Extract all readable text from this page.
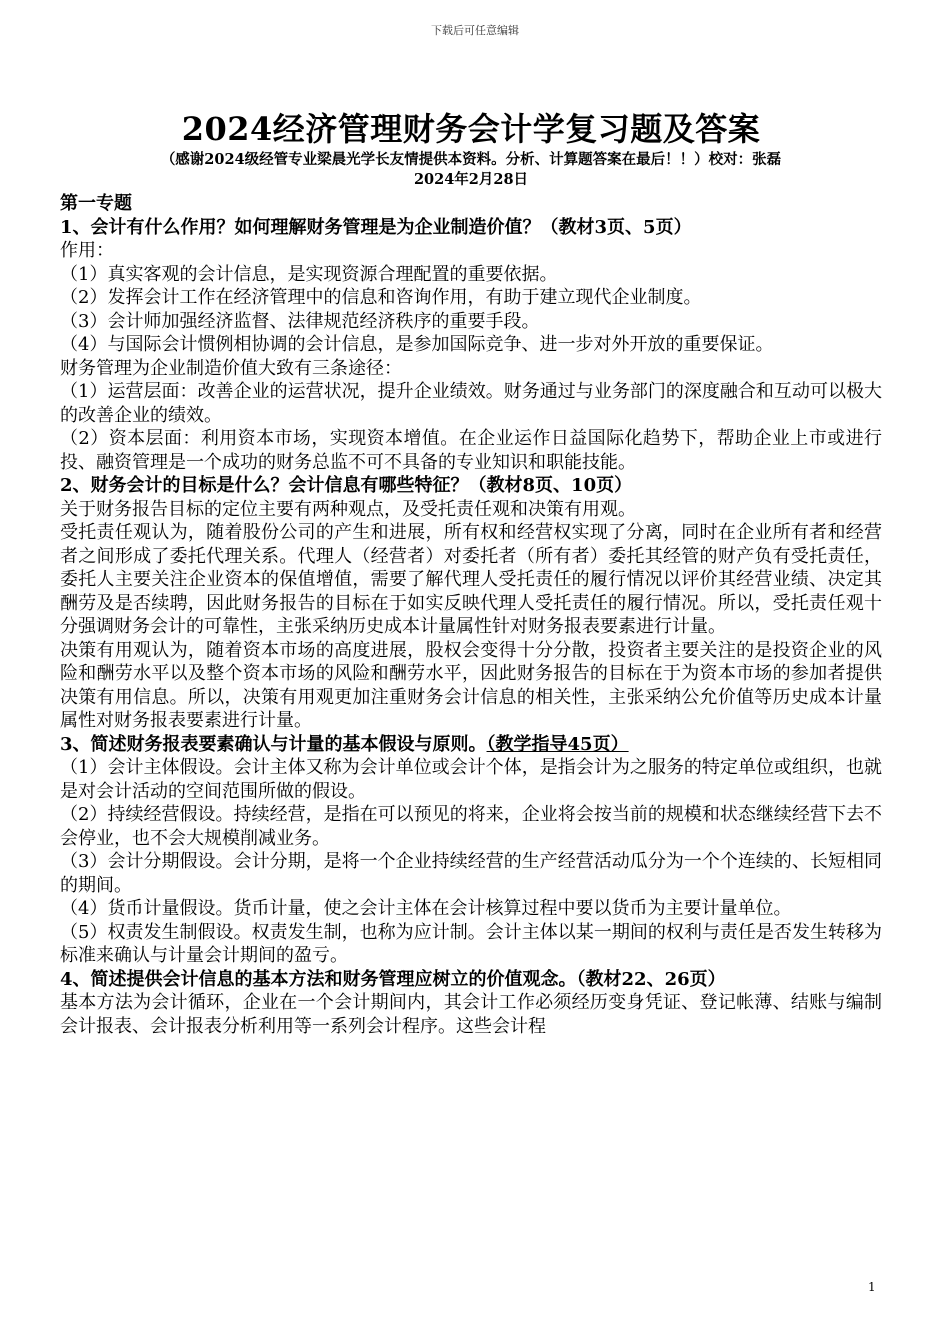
下载后可任意编辑
2024经济管理财务会计学复习题及答案

（感谢2024级经管专业梁晨光学长友情提供本资料。分析、计算题答案在最后！！）校对：张磊

2024年2月28日

第一专题

1、会计有什么作用？如何理解财务管理是为企业制造价值？（教材3页、5页）

作用：

（1）真实客观的会计信息，是实现资源合理配置的重要依据。

（2）发挥会计工作在经济管理中的信息和咨询作用，有助于建立现代企业制度。

（3）会计师加强经济监督、法律规范经济秩序的重要手段。

（4）与国际会计惯例相协调的会计信息，是参加国际竞争、进一步对外开放的重要保证。

财务管理为企业制造价值大致有三条途径：

（1）运营层面：改善企业的运营状况，提升企业绩效。财务通过与业务部门的深度融合和互动可以极大的改善企业的绩效。

（2）资本层面：利用资本市场，实现资本增值。在企业运作日益国际化趋势下，帮助企业上市或进行投、融资管理是一个成功的财务总监不可不具备的专业知识和职能技能。

2、财务会计的目标是什么？会计信息有哪些特征？（教材8页、10页）

关于财务报告目标的定位主要有两种观点，及受托责任观和决策有用观。

受托责任观认为，随着股份公司的产生和进展，所有权和经营权实现了分离，同时在企业所有者和经营者之间形成了委托代理关系。代理人（经营者）对委托者（所有者）委托其经管的财产负有受托责任，委托人主要关注企业资本的保值增值，需要了解代理人受托责任的履行情况以评价其经营业绩、决定其酬劳及是否续聘，因此财务报告的目标在于如实反映代理人受托责任的履行情况。所以，受托责任观十分强调财务会计的可靠性，主张采纳历史成本计量属性针对财务报表要素进行计量。

决策有用观认为，随着资本市场的高度进展，股权会变得十分分散，投资者主要关注的是投资企业的风险和酬劳水平以及整个资本市场的风险和酬劳水平，因此财务报告的目标在于为资本市场的参加者提供决策有用信息。所以，决策有用观更加注重财务会计信息的相关性，主张采纳公允价值等历史成本计量属性对财务报表要素进行计量。

3、简述财务报表要素确认与计量的基本假设与原则。（教学指导45页）

（1）会计主体假设。会计主体又称为会计单位或会计个体，是指会计为之服务的特定单位或组织，也就是对会计活动的空间范围所做的假设。

（2）持续经营假设。持续经营，是指在可以预见的将来，企业将会按当前的规模和状态继续经营下去不会停业，也不会大规模削减业务。

（3）会计分期假设。会计分期，是将一个企业持续经营的生产经营活动瓜分为一个个连续的、长短相同的期间。

（4）货币计量假设。货币计量，使之会计主体在会计核算过程中要以货币为主要计量单位。

（5）权责发生制假设。权责发生制，也称为应计制。会计主体以某一期间的权利与责任是否发生转移为标准来确认与计量会计期间的盈亏。

4、简述提供会计信息的基本方法和财务管理应树立的价值观念。（教材22、26页）

基本方法为会计循环，企业在一个会计期间内，其会计工作必须经历变身凭证、登记帐薄、结账与编制会计报表、会计报表分析利用等一系列会计程序。这些会计程

1
